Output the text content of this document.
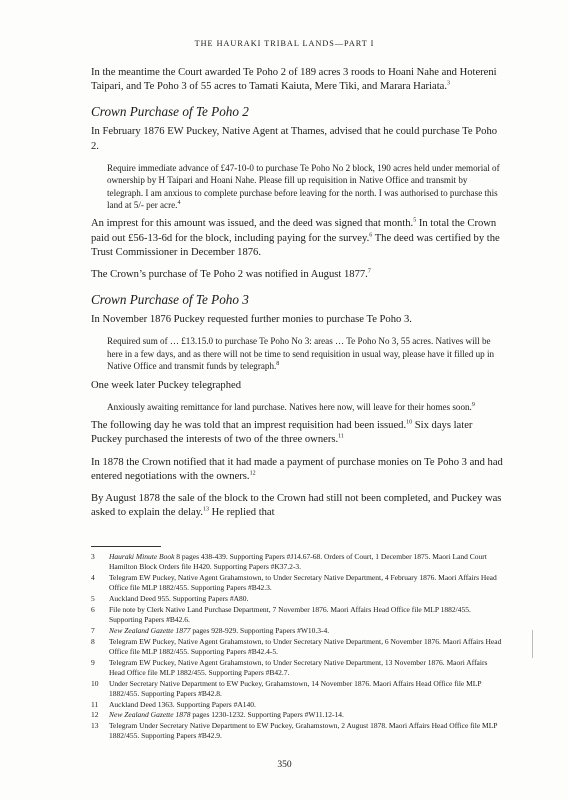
THE HAURAKI TRIBAL LANDS—PART I

In the meantime the Court awarded Te Poho 2 of 189 acres 3 roods to Hoani Nahe and Hotereni Taipari, and Te Poho 3 of 55 acres to Tamati Kaiuta, Mere Tiki, and Marara Hariata.$^3$

Crown Purchase of Te Poho 2

In February 1876 EW Puckey, Native Agent at Thames, advised that he could purchase Te Poho 2.

Require immediate advance of £47-10-0 to purchase Te Poho No 2 block, 190 acres held under memorial of ownership by H Taipari and Hoani Nahe. Please fill up requisition in Native Office and transmit by telegraph. I am anxious to complete purchase before leaving for the north. I was authorised to purchase this land at 5/- per acre.$^4$

An imprest for this amount was issued, and the deed was signed that month.$^5$ In total the Crown paid out £56-13-6d for the block, including paying for the survey.$^6$ The deed was certified by the Trust Commissioner in December 1876.

The Crown’s purchase of Te Poho 2 was notified in August 1877.$^7$

Crown Purchase of Te Poho 3

In November 1876 Puckey requested further monies to purchase Te Poho 3.

Required sum of … £13.15.0 to purchase Te Poho No 3: areas … Te Poho No 3, 55 acres. Natives will be here in a few days, and as there will not be time to send requisition in usual way, please have it filled up in Native Office and transmit funds by telegraph.$^8$

One week later Puckey telegraphed

Anxiously awaiting remittance for land purchase. Natives here now, will leave for their homes soon.$^9$

The following day he was told that an imprest requisition had been issued.$^{10}$ Six days later Puckey purchased the interests of two of the three owners.$^{11}$

In 1878 the Crown notified that it had made a payment of purchase monies on Te Poho 3 and had entered negotiations with the owners.$^{12}$

By August 1878 the sale of the block to the Crown had still not been completed, and Puckey was asked to explain the delay.$^{13}$ He replied that

3	Hauraki Minute Book 8 pages 438-439. Supporting Papers #J14.67-68. Orders of Court, 1 December 1875. Maori Land Court Hamilton Block Orders file H420. Supporting Papers #K37.2-3.
4	Telegram EW Puckey, Native Agent Grahamstown, to Under Secretary Native Department, 4 February 1876. Maori Affairs Head Office file MLP 1882/455. Supporting Papers #B42.3.
5	Auckland Deed 955. Supporting Papers #A80.
6	File note by Clerk Native Land Purchase Department, 7 November 1876. Maori Affairs Head Office file MLP 1882/455. Supporting Papers #B42.6.
7	New Zealand Gazette 1877 pages 928-929. Supporting Papers #W10.3-4.
8	Telegram EW Puckey, Native Agent Grahamstown, to Under Secretary Native Department, 6 November 1876. Maori Affairs Head Office file MLP 1882/455. Supporting Papers #B42.4-5.
9	Telegram EW Puckey, Native Agent Grahamstown, to Under Secretary Native Department, 13 November 1876. Maori Affairs Head Office file MLP 1882/455. Supporting Papers #B42.7.
10	Under Secretary Native Department to EW Puckey, Grahamstown, 14 November 1876. Maori Affairs Head Office file MLP 1882/455. Supporting Papers #B42.8.
11	Auckland Deed 1363. Supporting Papers #A140.
12	New Zealand Gazette 1878 pages 1230-1232. Supporting Papers #W11.12-14.
13	Telegram Under Secretary Native Department to EW Puckey, Grahamstown, 2 August 1878. Maori Affairs Head Office file MLP 1882/455. Supporting Papers #B42.9.
350
